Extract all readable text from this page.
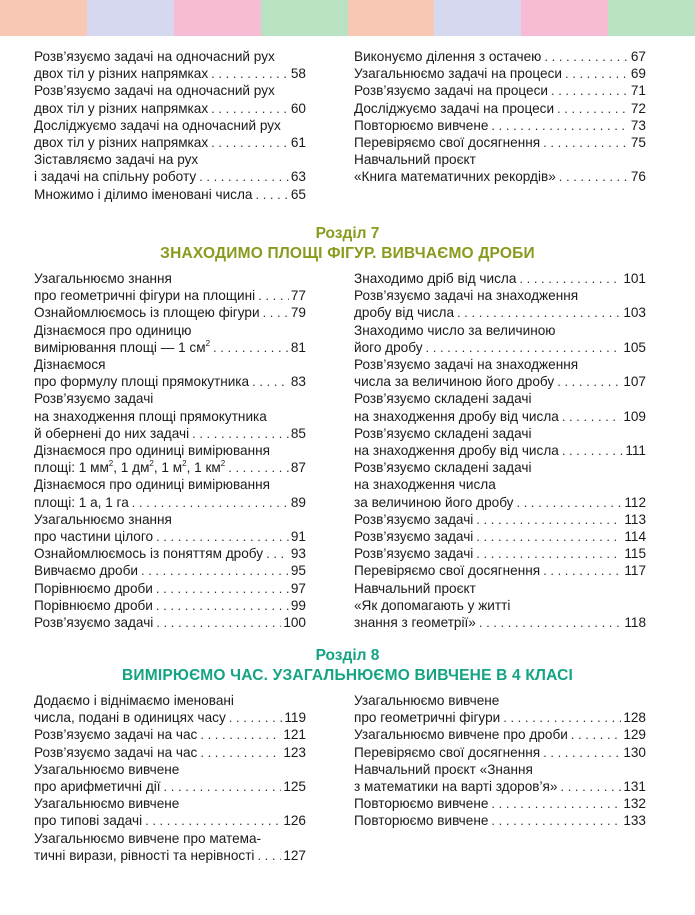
Розв’язуємо задачі на одночасний рух
двох тіл у різних напрямках . . .	58
Розв’язуємо задачі на одночасний рух
двох тіл у різних напрямках . . .	60
Досліджуємо задачі на одночасний рух
двох тіл у різних напрямках . . .	61
Зіставляємо задачі на рух
і задачі на спільну роботу . . .	63
Множимо і ділимо іменовані числа . . .	65
Виконуємо ділення з остачею . . .	67
Узагальнюємо задачі на процеси . . .	69
Розв’язуємо задачі на процеси . . .	71
Досліджуємо задачі на процеси . . .	72
Повторюємо вивчене . . .	73
Перевіряємо свої досягнення . . .	75
Навчальний проєкт
«Книга математичних рекордів» . . .	76
Розділ 7
ЗНАХОДИМО ПЛОЩІ ФІГУР. ВИВЧАЄМО ДРОБИ
Узагальнюємо знання
про геометричні фігури на площині . . .	77
Ознайомлюємось із площею фігури . . . 79
Дізнаємося про одиницю
вимірювання площі — 1 $см^2$ . . .	81
Дізнаємося
про формулу площі прямокутника . . .	83
Розв’язуємо задачі
на знаходження площі прямокутника
й обернені до них задачі . . .	85
Дізнаємося про одиниці вимірювання
площі: 1 $мм^2$, 1 $дм^2$, 1 $м^2$, 1 $км^2$ . . .	87
Дізнаємося про одиниці вимірювання
площі: 1 а, 1 га . . .	89
Узагальнюємо знання
про частини цілого . . .	91
Ознайомлюємось із поняттям дробу . . . 93
Вивчаємо дроби . . .	95
Порівнюємо дроби . . .	97
Порівнюємо дроби . . .	99
Розв’язуємо задачі . . .	100
Знаходимо дріб від числа . . .	101
Розв’язуємо задачі на знаходження
дробу від числа . . .	103
Знаходимо число за величиною
його дробу . . .	105
Розв’язуємо задачі на знаходження
числа за величиною його дробу . . .	107
Розв’язуємо складені задачі
на знаходження дробу від числа . . .	109
Розв’язуємо складені задачі
на знаходження дробу від числа . . .	111
Розв’язуємо складені задачі
на знаходження числа
за величиною його дробу . . .	112
Розв’язуємо задачі . . .	113
Розв’язуємо задачі . . .	114
Розв’язуємо задачі . . .	115
Перевіряємо свої досягнення . . .	117
Навчальний проєкт
«Як допомагають у житті
знання з геометрії» . . .	118
Розділ 8
ВИМІРЮЄМО ЧАС. УЗАГАЛЬНЮЄМО ВИВЧЕНЕ В 4 КЛАСІ
Додаємо і віднімаємо іменовані
числа, подані в одиницях часу . . .	119
Розв’язуємо задачі на час . . .	121
Розв’язуємо задачі на час . . .	123
Узагальнюємо вивчене
про арифметичні дії . . .	125
Узагальнюємо вивчене
про типові задачі . . .	126
Узагальнюємо вивчене про матема-
тичні вирази, рівності та нерівності . . . 127
Узагальнюємо вивчене
про геометричні фігури . . .	128
Узагальнюємо вивчене про дроби . . .	129
Перевіряємо свої досягнення . . .	130
Навчальний проєкт «Знання
з математики на варті здоров’я» . . .	131
Повторюємо вивчене . . .	132
Повторюємо вивчене . . .	133
